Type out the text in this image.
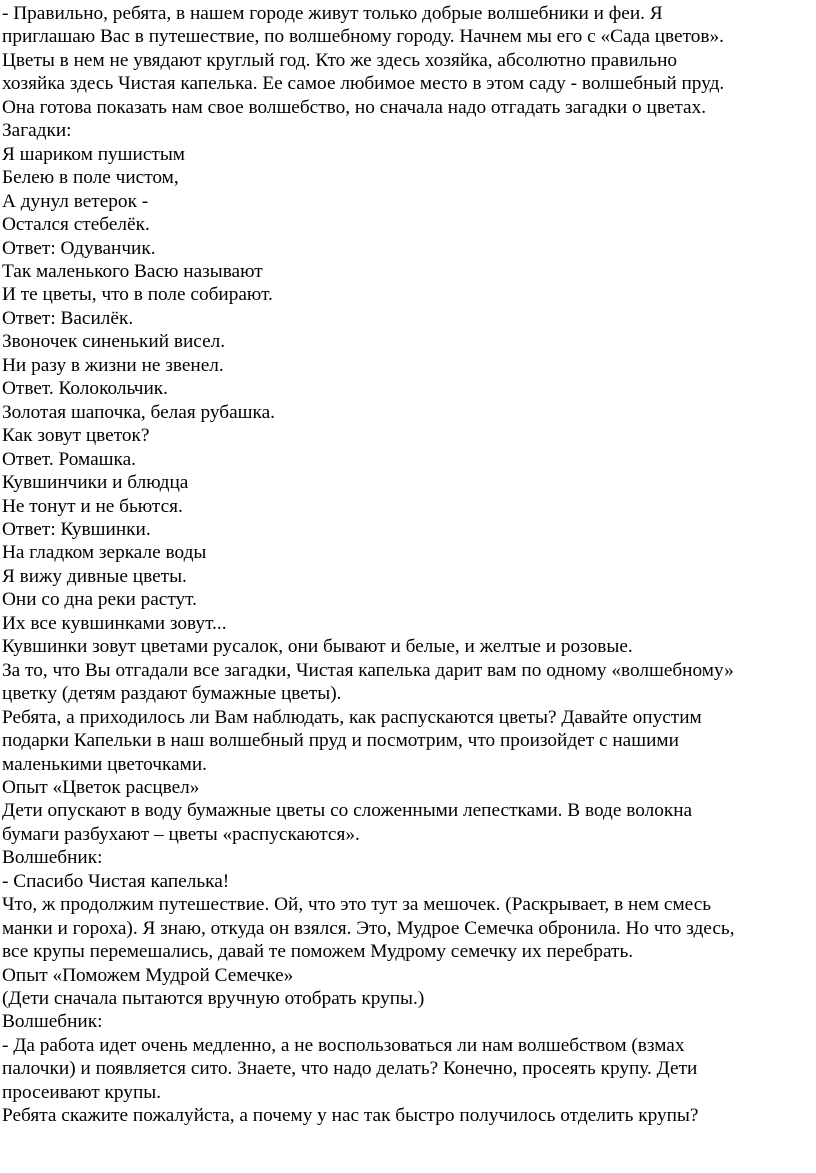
- Правильно, ребята, в нашем городе живут только добрые волшебники и феи. Я
приглашаю Вас в путешествие, по волшебному городу. Начнем мы его с «Сада цветов».
Цветы в нем не увядают круглый год. Кто же здесь хозяйка, абсолютно правильно
хозяйка здесь Чистая капелька. Ее самое любимое место в этом саду - волшебный пруд.
Она готова показать нам свое волшебство, но сначала надо отгадать загадки о цветах.
Загадки:
Я шариком пушистым
Белею в поле чистом,
А дунул ветерок -
Остался стебелёк.
Ответ: Одуванчик.
Так маленького Васю называют
И те цветы, что в поле собирают.
Ответ: Василёк.
Звоночек синенький висел.
Ни разу в жизни не звенел.
Ответ. Колокольчик.
Золотая шапочка, белая рубашка.
Как зовут цветок?
Ответ. Ромашка.
Кувшинчики и блюдца
Не тонут и не бьются.
Ответ: Кувшинки.
На гладком зеркале воды
Я вижу дивные цветы.
Они со дна реки растут.
Их все кувшинками зовут...
Кувшинки зовут цветами русалок, они бывают и белые, и желтые и розовые.
За то, что Вы отгадали все загадки, Чистая капелька дарит вам по одному «волшебному»
цветку (детям раздают бумажные цветы).
Ребята, а приходилось ли Вам наблюдать, как распускаются цветы? Давайте опустим
подарки Капельки в наш волшебный пруд и посмотрим, что произойдет с нашими
маленькими цветочками.
Опыт «Цветок расцвел»
Дети опускают в воду бумажные цветы со сложенными лепестками. В воде волокна
бумаги разбухают – цветы «распускаются».
Волшебник:
- Спасибо Чистая капелька!
Что, ж продолжим путешествие. Ой, что это тут за мешочек. (Раскрывает, в нем смесь
манки и гороха). Я знаю, откуда он взялся. Это, Мудрое Семечка обронила. Но что здесь,
все крупы перемешались, давай те поможем Мудрому семечку их перебрать.
Опыт «Поможем Мудрой Семечке»
(Дети сначала пытаются вручную отобрать крупы.)
Волшебник:
- Да работа идет очень медленно, а не воспользоваться ли нам волшебством (взмах
палочки) и появляется сито. Знаете, что надо делать? Конечно, просеять крупу. Дети
просеивают крупы.
Ребята скажите пожалуйста, а почему у нас так быстро получилось отделить крупы?
